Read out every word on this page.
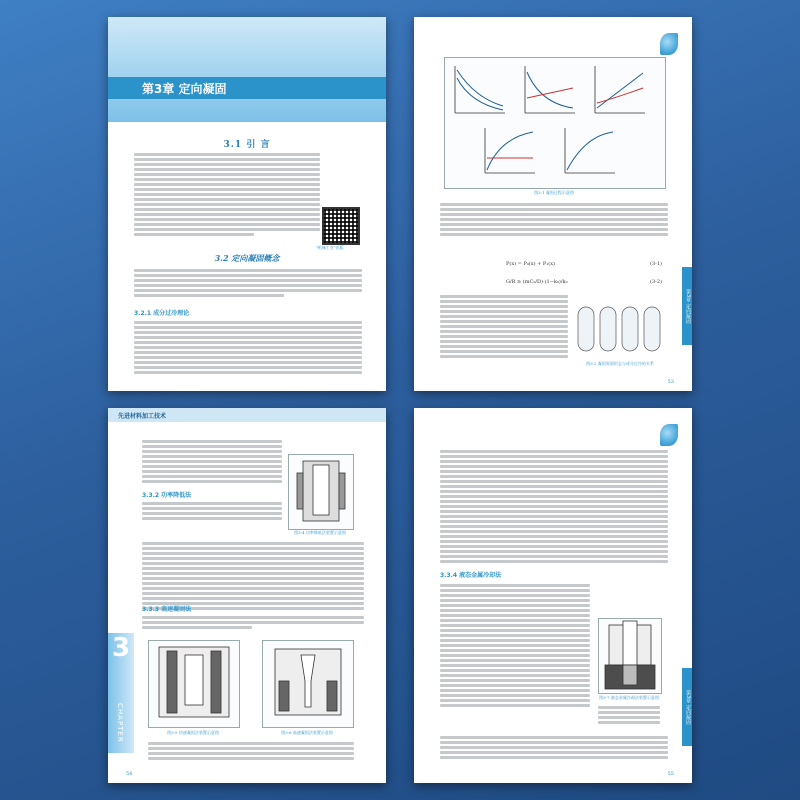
第3章 定向凝固
3.1 引 言
"机械工业"出版
3.2 定向凝固概念
3.2.1 成分过冷理论
图3-1 凝固过程示意图
P(x) = P₀(x) + P₁(x)	(3-1)
G/R ≥ (mC₀/D)·(1−k₀)/k₀	(3-2)
图3-2 凝固界面形态与成分过冷的关系
第3章 定向凝固
53
先进材料加工技术
3
CHAPTER
图3-4 功率降低法装置示意图
3.3.2 功率降低法
3.3.3 高速凝固法
图3-5 快速凝固法装置示意图	图3-6 高速凝固法装置示意图
54
3.3.4 液态金属冷却法
图3-7 液态金属冷却法装置示意图	第3章 定向凝固
55
